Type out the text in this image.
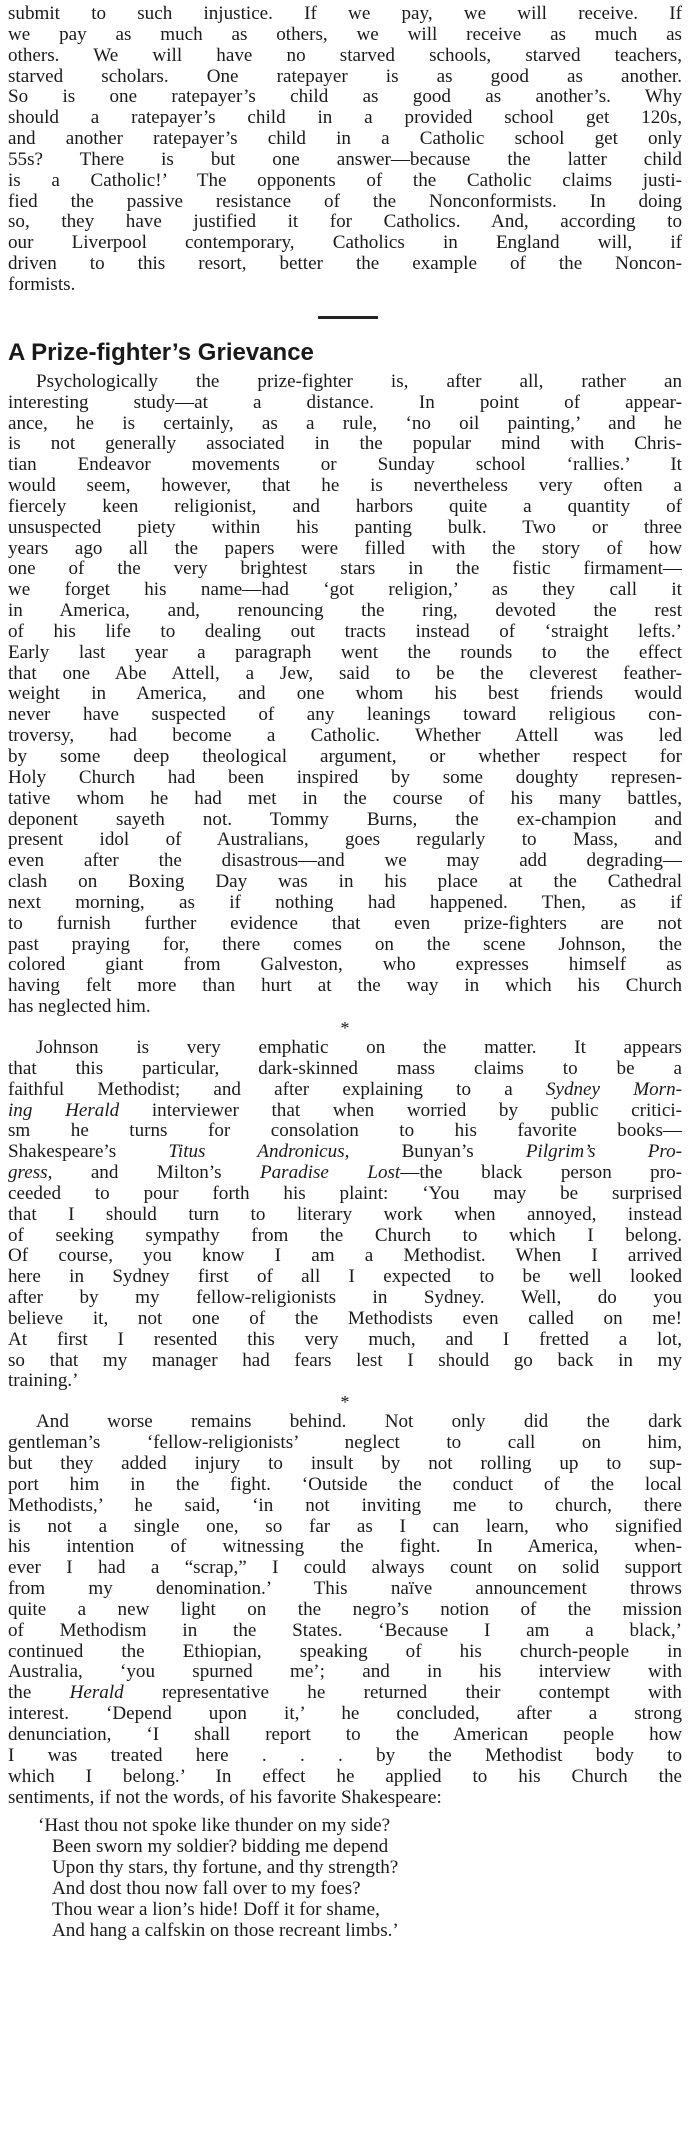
submit to such injustice. If we pay, we will receive. If
we pay as much as others, we will receive as much as
others. We will have no starved schools, starved teachers,
starved scholars. One ratepayer is as good as another.
So is one ratepayer’s child as good as another’s. Why
should a ratepayer’s child in a provided school get 120s,
and another ratepayer’s child in a Catholic school get only
55s? There is but one answer—because the latter child
is a Catholic!’ The opponents of the Catholic claims justi-
fied the passive resistance of the Nonconformists. In doing
so, they have justified it for Catholics. And, according to
our Liverpool contemporary, Catholics in England will, if
driven to this resort, better the example of the Noncon-
formists.
A Prize-fighter’s Grievance
Psychologically the prize-fighter is, after all, rather an
interesting study—at a distance. In point of appear-
ance, he is certainly, as a rule, ‘no oil painting,’ and he
is not generally associated in the popular mind with Chris-
tian Endeavor movements or Sunday school ‘rallies.’ It
would seem, however, that he is nevertheless very often a
fiercely keen religionist, and harbors quite a quantity of
unsuspected piety within his panting bulk. Two or three
years ago all the papers were filled with the story of how
one of the very brightest stars in the fistic firmament—
we forget his name—had ‘got religion,’ as they call it
in America, and, renouncing the ring, devoted the rest
of his life to dealing out tracts instead of ‘straight lefts.’
Early last year a paragraph went the rounds to the effect
that one Abe Attell, a Jew, said to be the cleverest feather-
weight in America, and one whom his best friends would
never have suspected of any leanings toward religious con-
troversy, had become a Catholic. Whether Attell was led
by some deep theological argument, or whether respect for
Holy Church had been inspired by some doughty represen-
tative whom he had met in the course of his many battles,
deponent sayeth not. Tommy Burns, the ex-champion and
present idol of Australians, goes regularly to Mass, and
even after the disastrous—and we may add degrading—
clash on Boxing Day was in his place at the Cathedral
next morning, as if nothing had happened. Then, as if
to furnish further evidence that even prize-fighters are not
past praying for, there comes on the scene Johnson, the
colored giant from Galveston, who expresses himself as
having felt more than hurt at the way in which his Church
has neglected him.
*
Johnson is very emphatic on the matter. It appears
that this particular, dark-skinned mass claims to be a
faithful Methodist; and after explaining to a Sydney Morn-
ing Herald interviewer that when worried by public critici-
sm he turns for consolation to his favorite books—
Shakespeare’s Titus Andronicus, Bunyan’s Pilgrim’s Pro-
gress, and Milton’s Paradise Lost—the black person pro-
ceeded to pour forth his plaint: ‘You may be surprised
that I should turn to literary work when annoyed, instead
of seeking sympathy from the Church to which I belong.
Of course, you know I am a Methodist. When I arrived
here in Sydney first of all I expected to be well looked
after by my fellow-religionists in Sydney. Well, do you
believe it, not one of the Methodists even called on me!
At first I resented this very much, and I fretted a lot,
so that my manager had fears lest I should go back in my
training.’
*
And worse remains behind. Not only did the dark
gentleman’s ‘fellow-religionists’ neglect to call on him,
but they added injury to insult by not rolling up to sup-
port him in the fight. ‘Outside the conduct of the local
Methodists,’ he said, ‘in not inviting me to church, there
is not a single one, so far as I can learn, who signified
his intention of witnessing the fight. In America, when-
ever I had a “scrap,” I could always count on solid support
from my denomination.’ This naïve announcement throws
quite a new light on the negro’s notion of the mission
of Methodism in the States. ‘Because I am a black,’
continued the Ethiopian, speaking of his church-people in
Australia, ‘you spurned me’; and in his interview with
the Herald representative he returned their contempt with
interest. ‘Depend upon it,’ he concluded, after a strong
denunciation, ‘I shall report to the American people how
I was treated here . . . by the Methodist body to
which I belong.’ In effect he applied to his Church the
sentiments, if not the words, of his favorite Shakespeare:
‘Hast thou not spoke like thunder on my side?
Been sworn my soldier? bidding me depend
Upon thy stars, thy fortune, and thy strength?
And dost thou now fall over to my foes?
Thou wear a lion’s hide! Doff it for shame,
And hang a calfskin on those recreant limbs.’
